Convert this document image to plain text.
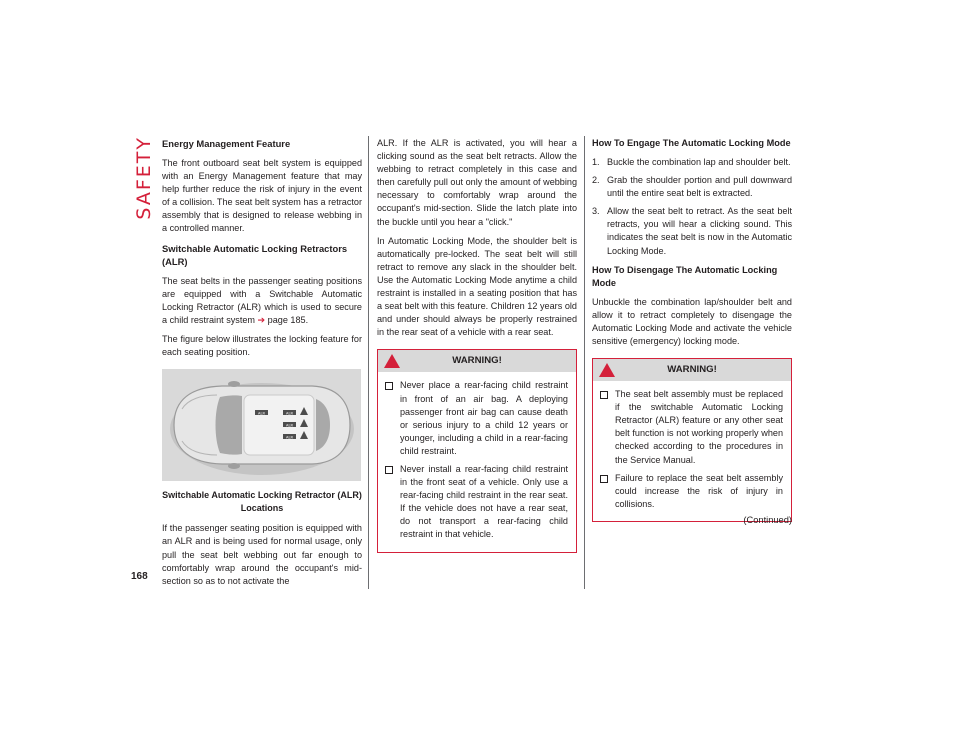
SAFETY
168
Energy Management Feature

The front outboard seat belt system is equipped with an Energy Management feature that may help further reduce the risk of injury in the event of a collision. The seat belt system has a retractor assembly that is designed to release webbing in a controlled manner.

Switchable Automatic Locking Retractors (ALR)

The seat belts in the passenger seating positions are equipped with a Switchable Automatic Locking Retractor (ALR) which is used to secure a child restraint system ➔ page 185.

The figure below illustrates the locking feature for each seating position.

ALR	ALR
ALR
ALR
Switchable Automatic Locking Retractor (ALR) Locations

If the passenger seating position is equipped with an ALR and is being used for normal usage, only pull the seat belt webbing out far enough to comfortably wrap around the occupant's mid-section so as to not activate the

ALR. If the ALR is activated, you will hear a clicking sound as the seat belt retracts. Allow the webbing to retract completely in this case and then carefully pull out only the amount of webbing necessary to comfortably wrap around the occupant's mid-section. Slide the latch plate into the buckle until you hear a "click."

In Automatic Locking Mode, the shoulder belt is automatically pre-locked. The seat belt will still retract to remove any slack in the shoulder belt. Use the Automatic Locking Mode anytime a child restraint is installed in a seating position that has a seat belt with this feature. Children 12 years old and under should always be properly restrained in the rear seat of a vehicle with a rear seat.

WARNING!
Never place a rear-facing child restraint in front of an air bag. A deploying passenger front air bag can cause death or serious injury to a child 12 years or younger, including a child in a rear-facing child restraint.
Never install a rear-facing child restraint in the front seat of a vehicle. Only use a rear-facing child restraint in the rear seat. If the vehicle does not have a rear seat, do not transport a rear-facing child restraint in that vehicle.
How To Engage The Automatic Locking Mode
1. Buckle the combination lap and shoulder belt.
2. Grab the shoulder portion and pull downward until the entire seat belt is extracted.
3. Allow the seat belt to retract. As the seat belt retracts, you will hear a clicking sound. This indicates the seat belt is now in the Automatic Locking Mode.
How To Disengage The Automatic Locking Mode

Unbuckle the combination lap/shoulder belt and allow it to retract completely to disengage the Automatic Locking Mode and activate the vehicle sensitive (emergency) locking mode.

WARNING!
The seat belt assembly must be replaced if the switchable Automatic Locking Retractor (ALR) feature or any other seat belt function is not working properly when checked according to the procedures in the Service Manual.
Failure to replace the seat belt assembly could increase the risk of injury in collisions.
(Continued)
